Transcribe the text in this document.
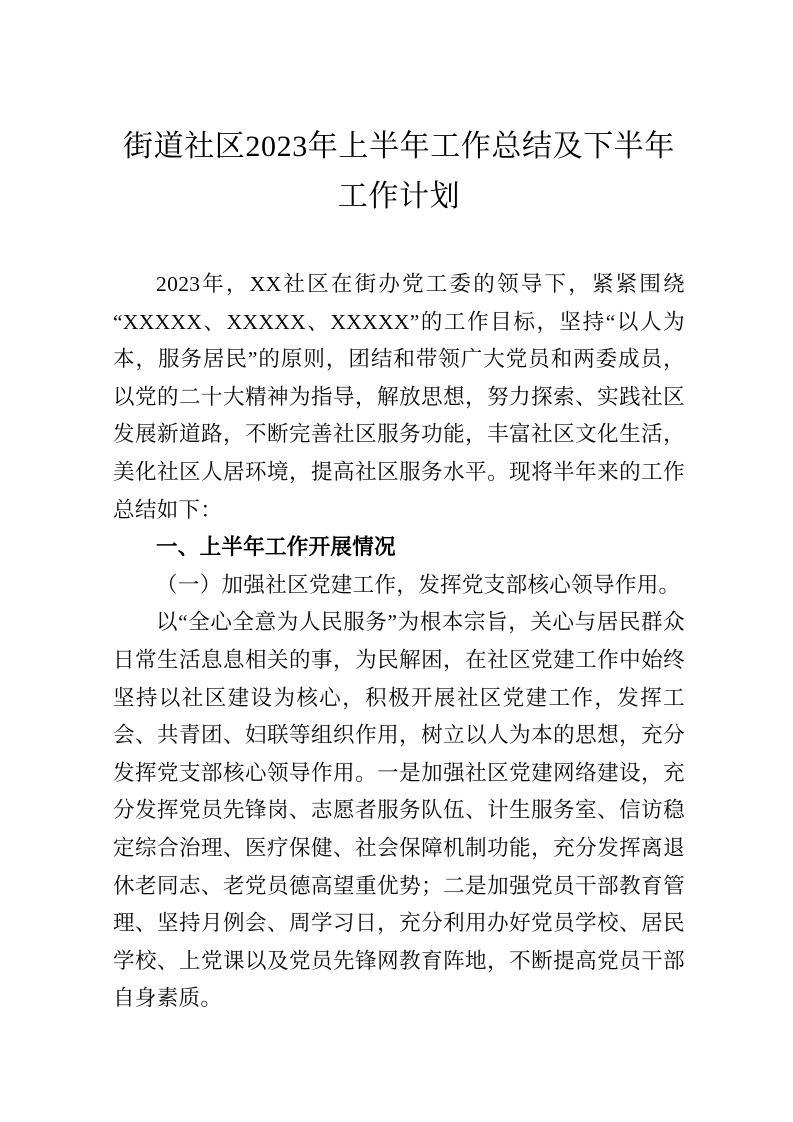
街道社区2023年上半年工作总结及下半年
工作计划

2023年，XX社区在街办党工委的领导下，紧紧围绕“XXXXX、XXXXX、XXXXX”的工作目标，坚持“以人为本，服务居民”的原则，团结和带领广大党员和两委成员，以党的二十大精神为指导，解放思想，努力探索、实践社区发展新道路，不断完善社区服务功能，丰富社区文化生活，美化社区人居环境，提高社区服务水平。现将半年来的工作总结如下：

一、上半年工作开展情况

（一）加强社区党建工作，发挥党支部核心领导作用。

以“全心全意为人民服务”为根本宗旨，关心与居民群众日常生活息息相关的事，为民解困，在社区党建工作中始终坚持以社区建设为核心，积极开展社区党建工作，发挥工会、共青团、妇联等组织作用，树立以人为本的思想，充分发挥党支部核心领导作用。一是加强社区党建网络建设，充分发挥党员先锋岗、志愿者服务队伍、计生服务室、信访稳定综合治理、医疗保健、社会保障机制功能，充分发挥离退休老同志、老党员德高望重优势；二是加强党员干部教育管理、坚持月例会、周学习日，充分利用办好党员学校、居民学校、上党课以及党员先锋网教育阵地，不断提高党员干部自身素质。
